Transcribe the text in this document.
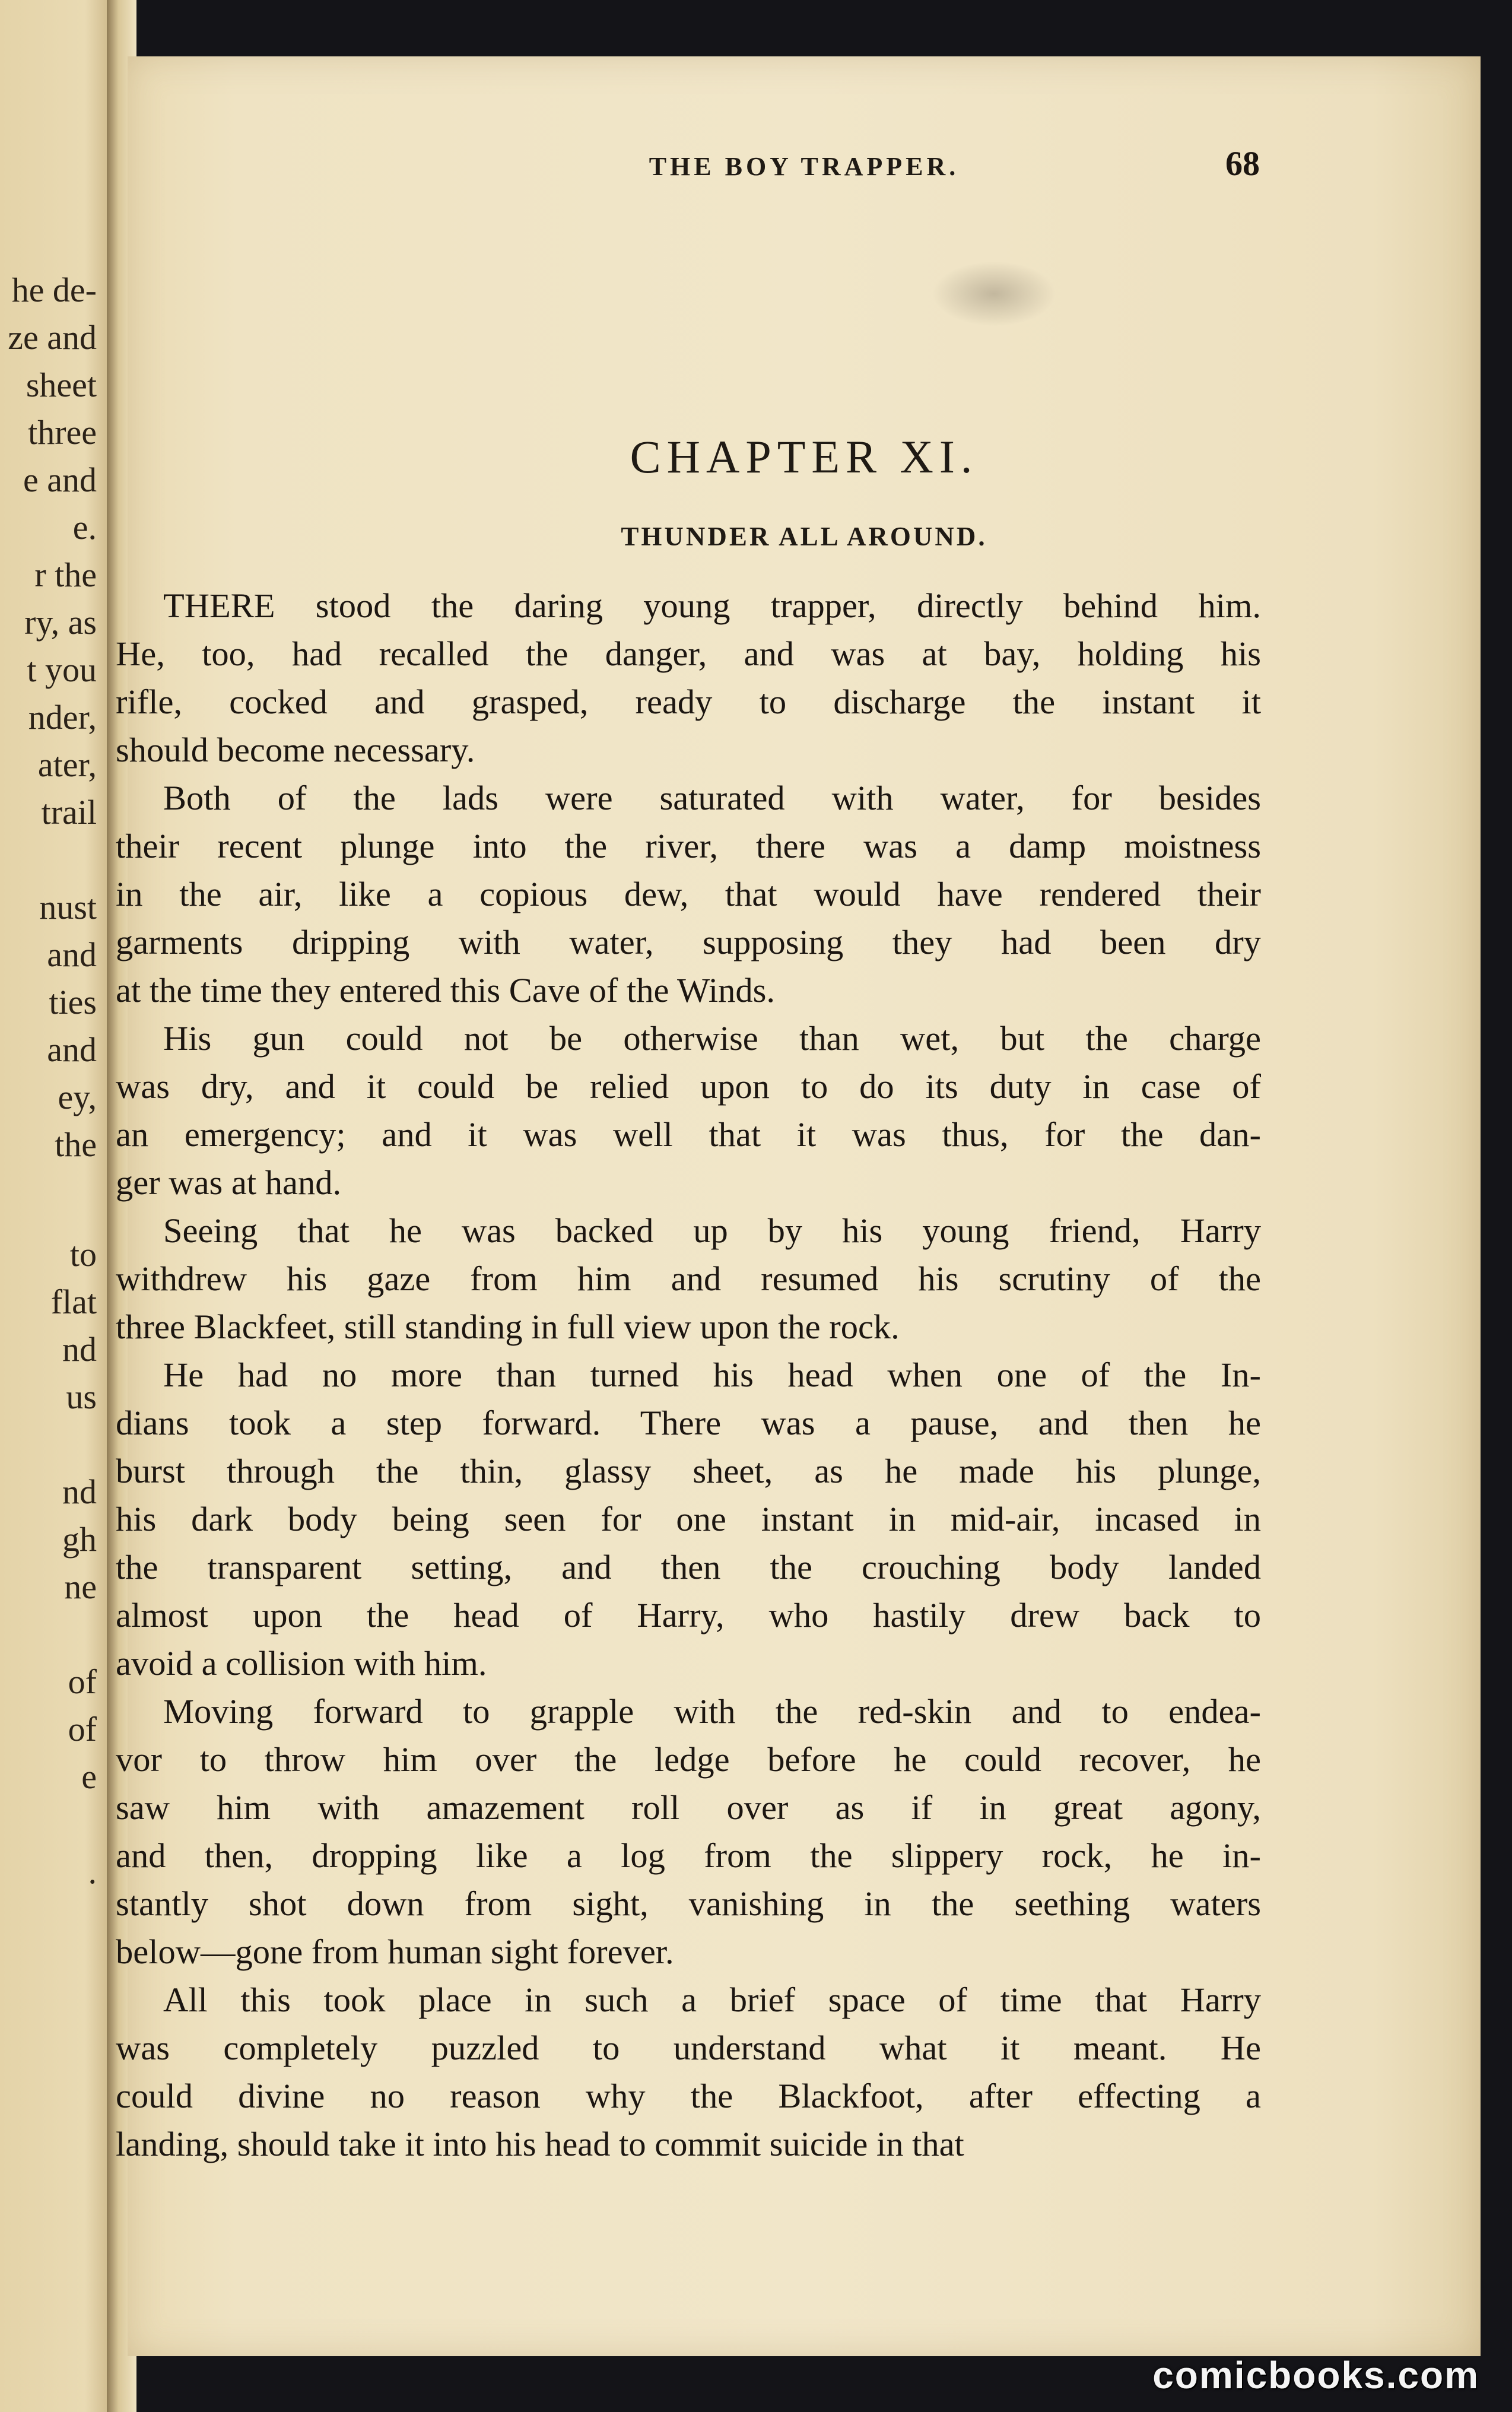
he de-
ze and
sheet
three
e and
e.
r the
ry, as
t you
nder,
ater,
trail
nust
and
ties
and
ey,
the
to
flat
nd
us
nd
gh
ne
of
of
e
.
THE BOY TRAPPER.	68
CHAPTER XI.
THUNDER ALL AROUND.
THERE stood the daring young trapper, directly behind him.
He, too, had recalled the danger, and was at bay, holding his
rifle, cocked and grasped, ready to discharge the instant it
should become necessary.
Both of the lads were saturated with water, for besides
their recent plunge into the river, there was a damp moistness
in the air, like a copious dew, that would have rendered their
garments dripping with water, supposing they had been dry
at the time they entered this Cave of the Winds.
His gun could not be otherwise than wet, but the charge
was dry, and it could be relied upon to do its duty in case of
an emergency; and it was well that it was thus, for the dan-
ger was at hand.
Seeing that he was backed up by his young friend, Harry
withdrew his gaze from him and resumed his scrutiny of the
three Blackfeet, still standing in full view upon the rock.
He had no more than turned his head when one of the In-
dians took a step forward. There was a pause, and then he
burst through the thin, glassy sheet, as he made his plunge,
his dark body being seen for one instant in mid-air, incased in
the transparent setting, and then the crouching body landed
almost upon the head of Harry, who hastily drew back to
avoid a collision with him.
Moving forward to grapple with the red-skin and to endea-
vor to throw him over the ledge before he could recover, he
saw him with amazement roll over as if in great agony,
and then, dropping like a log from the slippery rock, he in-
stantly shot down from sight, vanishing in the seething waters
below—gone from human sight forever.
All this took place in such a brief space of time that Harry
was completely puzzled to understand what it meant. He
could divine no reason why the Blackfoot, after effecting a
landing, should take it into his head to commit suicide in that
comicbooks.com
